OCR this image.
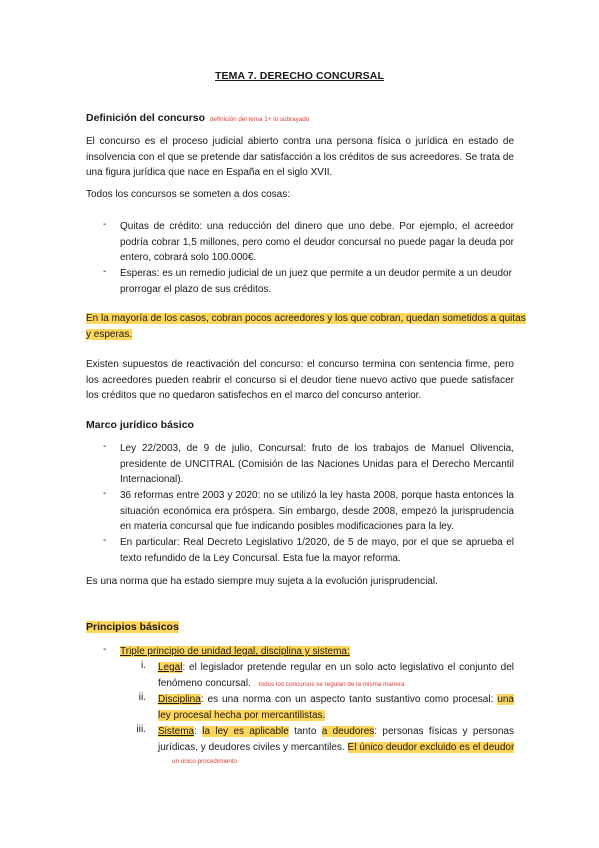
TEMA 7. DERECHO CONCURSAL
Definición del concurso definición del tema 1+ lo subrayado
El concurso es el proceso judicial abierto contra una persona física o jurídica en estado de
insolvencia con el que se pretende dar satisfacción a los créditos de sus acreedores. Se trata de
una figura jurídica que nace en España en el siglo XVII.
Todos los concursos se someten a dos cosas:
- Quitas de crédito: una reducción del dinero que uno debe. Por ejemplo, el acreedor
podría cobrar 1,5 millones, pero como el deudor concursal no puede pagar la deuda por
entero, cobrará solo 100.000€.
- Esperas: es un remedio judicial de un juez que permite a un deudor permite a un deudor
prorrogar el plazo de sus créditos.
En la mayoría de los casos, cobran pocos acreedores y los que cobran, quedan sometidos a quitas
y esperas.
Existen supuestos de reactivación del concurso: el concurso termina con sentencia firme, pero
los acreedores pueden reabrir el concurso si el deudor tiene nuevo activo que puede satisfacer
los créditos que no quedaron satisfechos en el marco del concurso anterior.
Marco jurídico básico
- Ley 22/2003, de 9 de julio, Concursal: fruto de los trabajos de Manuel Olivencia,
presidente de UNCITRAL (Comisión de las Naciones Unidas para el Derecho Mercantil
Internacional).
- 36 reformas entre 2003 y 2020: no se utilizó la ley hasta 2008, porque hasta entonces la
situación económica era próspera. Sin embargo, desde 2008, empezó la jurisprudencia
en materia concursal que fue indicando posibles modificaciones para la ley.
- En particular: Real Decreto Legislativo 1/2020, de 5 de mayo, por el que se aprueba el
texto refundido de la Ley Concursal. Esta fue la mayor reforma.
Es una norma que ha estado siempre muy sujeta a la evolución jurisprudencial.
Principios básicos
- Triple principio de unidad legal, disciplina y sistema:
i. Legal: el legislador pretende regular en un solo acto legislativo el conjunto del
fenómeno concursal. todos los concursos se regulan de la misma manera
ii. Disciplina: es una norma con un aspecto tanto sustantivo como procesal: una
ley procesal hecha por mercantilistas.
iii. Sistema: la ley es aplicable tanto a deudores: personas físicas y personas
jurídicas, y deudores civiles y mercantiles. El único deudor excluido es el deudor
un único procedimiento
